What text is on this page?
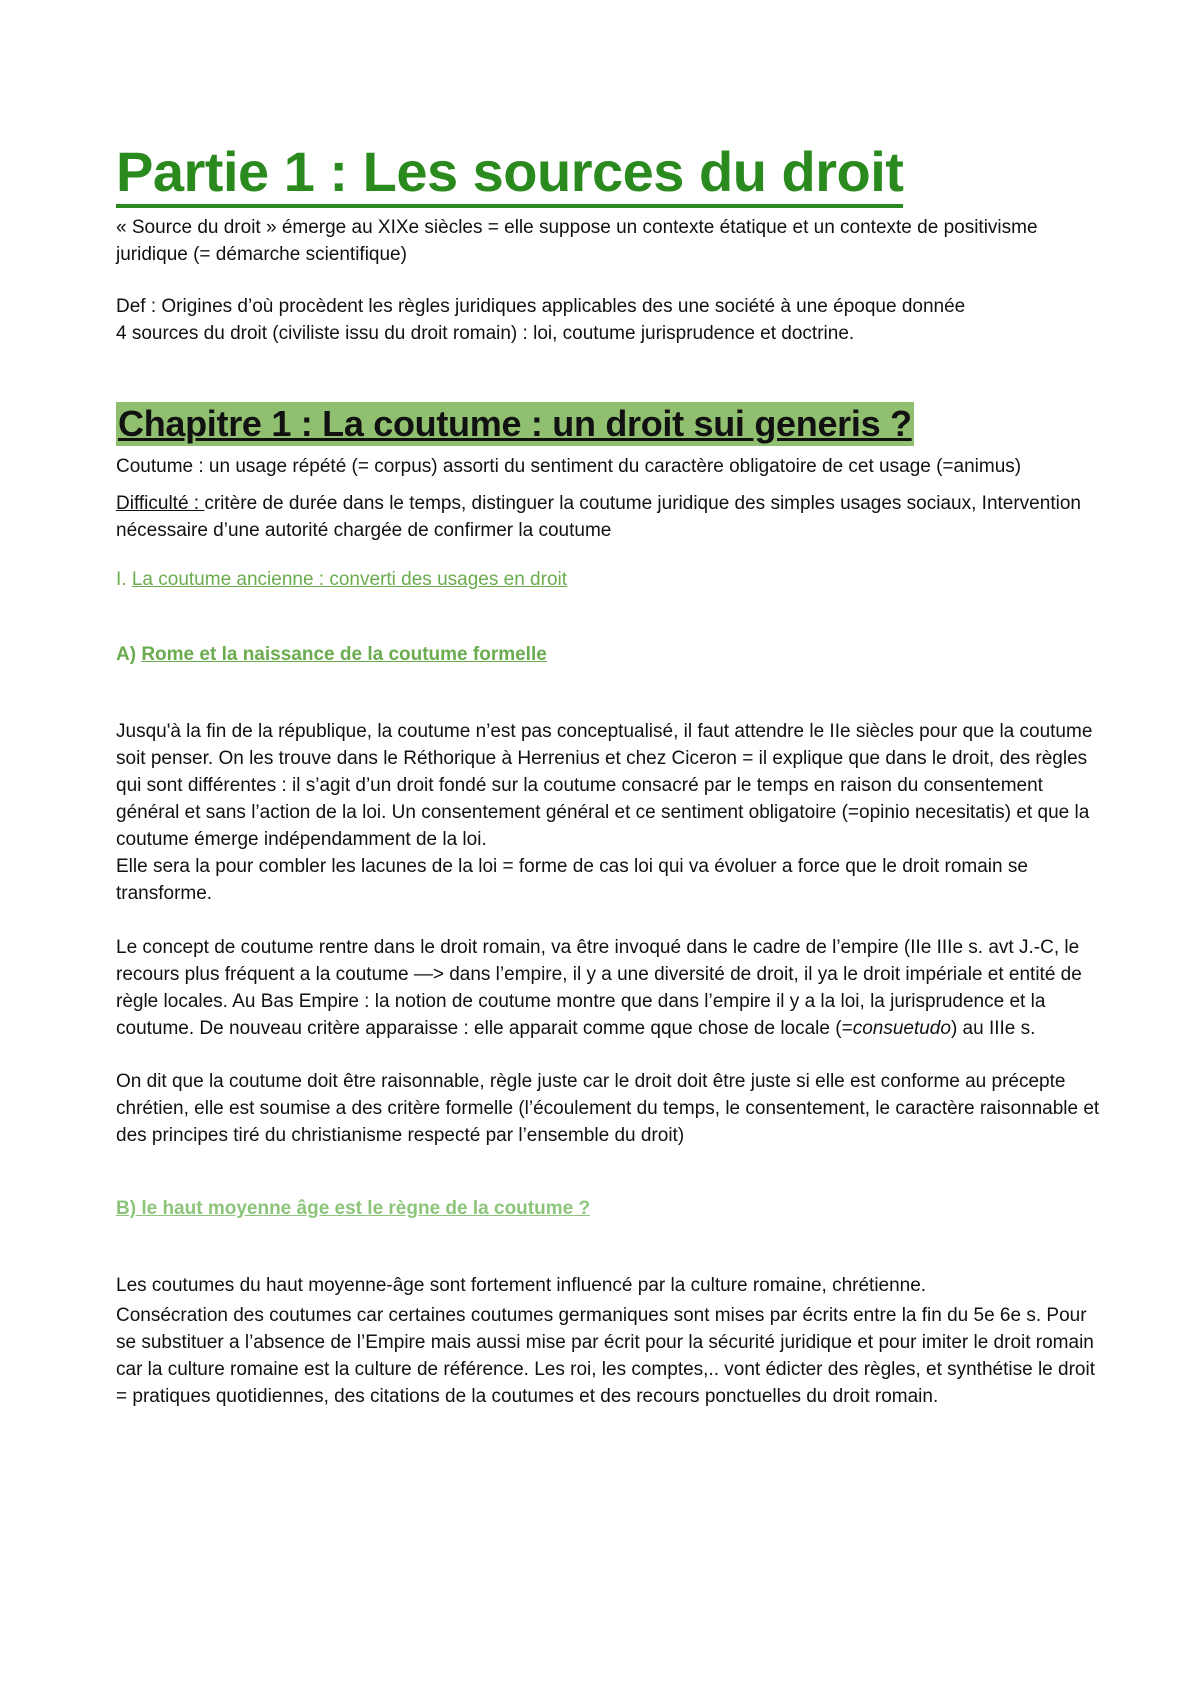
Partie 1 : Les sources du droit

« Source du droit » émerge au XIXe siècles = elle suppose un contexte étatique et un contexte de positivisme juridique (= démarche scientifique)

Def : Origines d’où procèdent les règles juridiques applicables des une société à une époque donnée

4 sources du droit (civiliste issu du droit romain) : loi, coutume jurisprudence et doctrine.

Chapitre 1 : La coutume : un droit sui generis ?

Coutume : un usage répété (= corpus) assorti du sentiment du caractère obligatoire de cet usage (=animus)

Difficulté : critère de durée dans le temps, distinguer la coutume juridique des simples usages sociaux, Intervention nécessaire d’une autorité chargée de confirmer la coutume

I. La coutume ancienne : converti des usages en droit

A) Rome et la naissance de la coutume formelle

Jusqu'à la fin de la république, la coutume n’est pas conceptualisé, il faut attendre le IIe siècles pour que la coutume soit penser. On les trouve dans le Réthorique à Herrenius et chez Ciceron = il explique que dans le droit, des règles qui sont différentes : il s’agit d’un droit fondé sur la coutume consacré par le temps en raison du consentement général et sans l’action de la loi. Un consentement général et ce sentiment obligatoire (=opinio necesitatis) et que la coutume émerge indépendamment de la loi.

Elle sera la pour combler les lacunes de la loi = forme de cas loi qui va évoluer a force que le droit romain se transforme.

Le concept de coutume rentre dans le droit romain, va être invoqué dans le cadre de l’empire (IIe IIIe s. avt J.-C, le recours plus fréquent a la coutume —> dans l’empire, il y a une diversité de droit, il ya le droit impériale et entité de règle locales. Au Bas Empire : la notion de coutume montre que dans l’empire il y a la loi, la jurisprudence et la coutume. De nouveau critère apparaisse : elle apparait comme qque chose de locale (=consuetudo) au IIIe s.

On dit que la coutume doit être raisonnable, règle juste car le droit doit être juste si elle est conforme au précepte chrétien, elle est soumise a des critère formelle (l’écoulement du temps, le consentement, le caractère raisonnable et des principes tiré du christianisme respecté par l’ensemble du droit)

B) le haut moyenne âge est le règne de la coutume ?

Les coutumes du haut moyenne-âge sont fortement influencé par la culture romaine, chrétienne.

Consécration des coutumes car certaines coutumes germaniques sont mises par écrits entre la fin du 5e 6e s. Pour se substituer a l’absence de l’Empire mais aussi mise par écrit pour la sécurité juridique et pour imiter le droit romain car la culture romaine est la culture de référence. Les roi, les comptes,.. vont édicter des règles, et synthétise le droit = pratiques quotidiennes, des citations de la coutumes et des recours ponctuelles du droit romain.
